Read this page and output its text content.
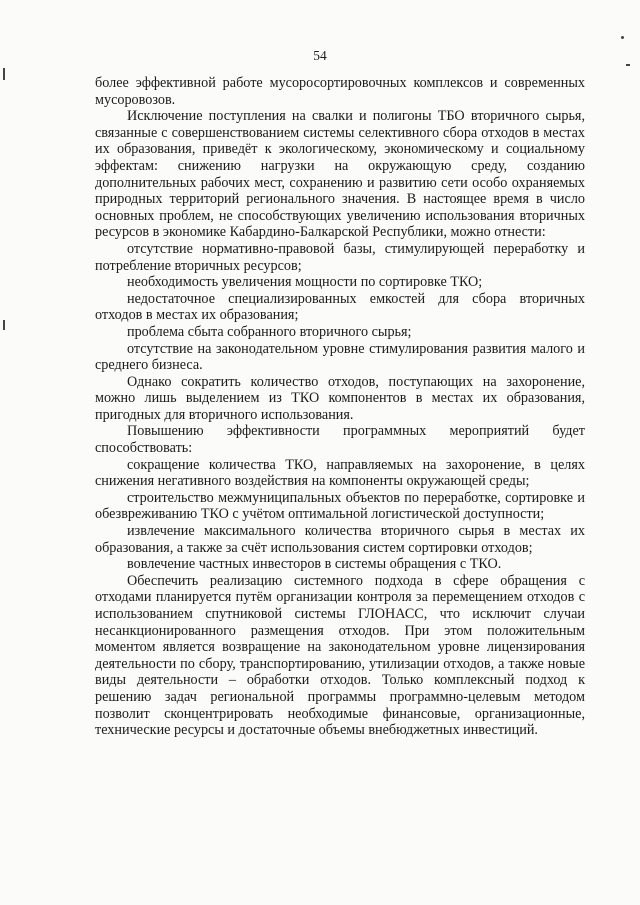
54

более эффективной работе мусоросортировочных комплексов и современных мусоровозов.

Исключение поступления на свалки и полигоны ТБО вторичного сырья, связанные с совершенствованием системы селективного сбора отходов в местах их образования, приведёт к экологическому, экономическому и социальному эффектам: снижению нагрузки на окружающую среду, созданию дополнительных рабочих мест, сохранению и развитию сети особо охраняемых природных территорий регионального значения. В настоящее время в число основных проблем, не способствующих увеличению использования вторичных ресурсов в экономике Кабардино-Балкарской Республики, можно отнести:

отсутствие нормативно-правовой базы, стимулирующей переработку и потребление вторичных ресурсов;

необходимость увеличения мощности по сортировке ТКО;

недостаточное специализированных емкостей для сбора вторичных отходов в местах их образования;

проблема сбыта собранного вторичного сырья;

отсутствие на законодательном уровне стимулирования развития малого и среднего бизнеса.

Однако сократить количество отходов, поступающих на захоронение, можно лишь выделением из ТКО компонентов в местах их образования, пригодных для вторичного использования.

Повышению эффективности программных мероприятий будет способствовать:

сокращение количества ТКО, направляемых на захоронение, в целях снижения негативного воздействия на компоненты окружающей среды;

строительство межмуниципальных объектов по переработке, сортировке и обезвреживанию ТКО с учётом оптимальной логистической доступности;

извлечение максимального количества вторичного сырья в местах их образования, а также за счёт использования систем сортировки отходов;

вовлечение частных инвесторов в системы обращения с ТКО.

Обеспечить реализацию системного подхода в сфере обращения с отходами планируется путём организации контроля за перемещением отходов с использованием спутниковой системы ГЛОНАСС, что исключит случаи несанкционированного размещения отходов. При этом положительным моментом является возвращение на законодательном уровне лицензирования деятельности по сбору, транспортированию, утилизации отходов, а также новые виды деятельности – обработки отходов. Только комплексный подход к решению задач региональной программы программно-целевым методом позволит сконцентрировать необходимые финансовые, организационные, технические ресурсы и достаточные объемы внебюджетных инвестиций.
